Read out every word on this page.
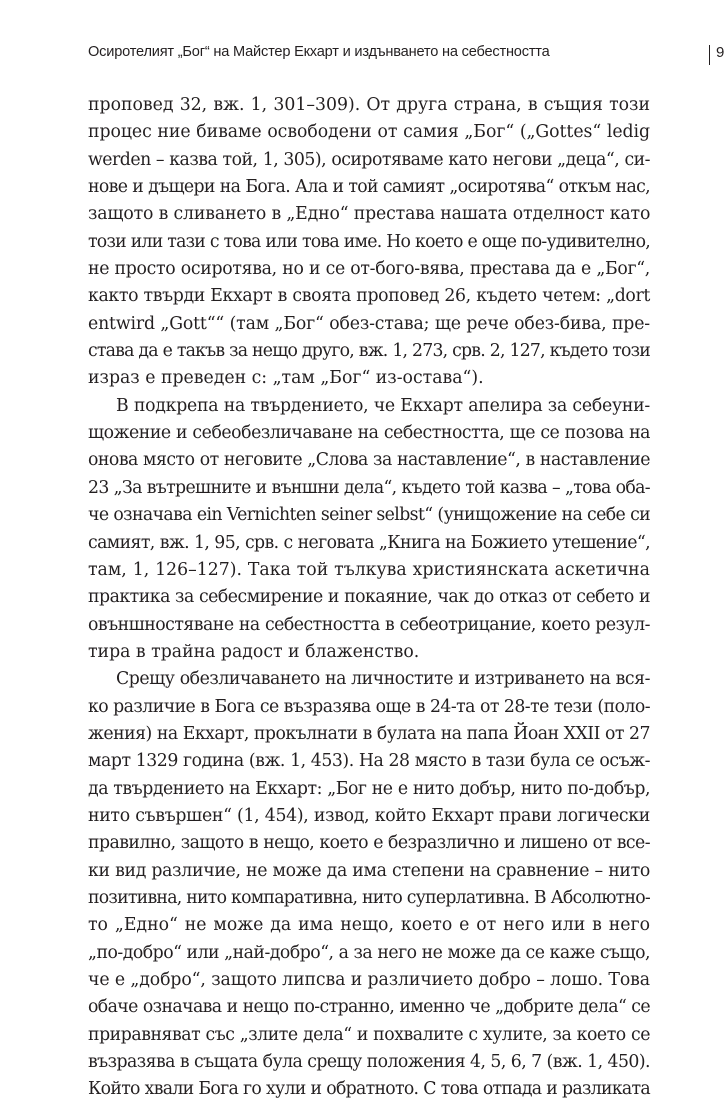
Осиротелият „Бог“ на Майстер Екхарт и издънването на себестността	9
проповед 32, вж. 1, 301–309). От друга страна, в същия този
процес ние биваме освободени от самия „Бог“ („Gottes“ ledig
werden – казва той, 1, 305), осиротяваме като негови „деца“, си-
нове и дъщери на Бога. Ала и той самият „осиротява“ откъм нас,
защото в сливането в „Едно“ престава нашата отделност като
този или тази с това или това име. Но което е още по-удивително,
не просто осиротява, но и се от-бого-вява, престава да е „Бог“,
както твърди Екхарт в своята проповед 26, където четем: „dort
entwird „Gott““ (там „Бог“ обез-става; ще рече обез-бива, пре-
става да е такъв за нещо друго, вж. 1, 273, срв. 2, 127, където този
израз е преведен с: „там „Бог“ из-остава“).
В подкрепа на твърдението, че Екхарт апелира за себеуни-
щожение и себеобезличаване на себестността, ще се позова на
онова място от неговите „Слова за наставление“, в наставление
23 „За вътрешните и външни дела“, където той казва – „това оба-
че означава ein Vernichten seiner selbst“ (унищожение на себе си
самият, вж. 1, 95, срв. с неговата „Книга на Божието утешение“,
там, 1, 126–127). Така той тълкува християнската аскетична
практика за себесмирение и покаяние, чак до отказ от себето и
овъншностяване на себестността в себеотрицание, което резул-
тира в трайна радост и блаженство.
Срещу обезличаването на личностите и изтриването на вся-
ко различие в Бога се възразява още в 24-та от 28-те тези (поло-
жения) на Екхарт, прокълнати в булата на папа Йоан XXII от 27
март 1329 година (вж. 1, 453). На 28 място в тази була се осъж-
да твърдението на Екхарт: „Бог не е нито добър, нито по-добър,
нито съвършен“ (1, 454), извод, който Екхарт прави логически
правилно, защото в нещо, което е безразлично и лишено от все-
ки вид различие, не може да има степени на сравнение – нито
позитивна, нито компаративна, нито суперлативна. В Абсолютно-
то „Едно“ не може да има нещо, което е от него или в него
„по-добро“ или „най-добро“, а за него не може да се каже също,
че е „добро“, защото липсва и различието добро – лошо. Това
обаче означава и нещо по-странно, именно че „добрите дела“ се
приравняват със „злите дела“ и похвалите с хулите, за което се
възразява в същата була срещу положения 4, 5, 6, 7 (вж. 1, 450).
Който хвали Бога го хули и обратното. С това отпада и разликата
